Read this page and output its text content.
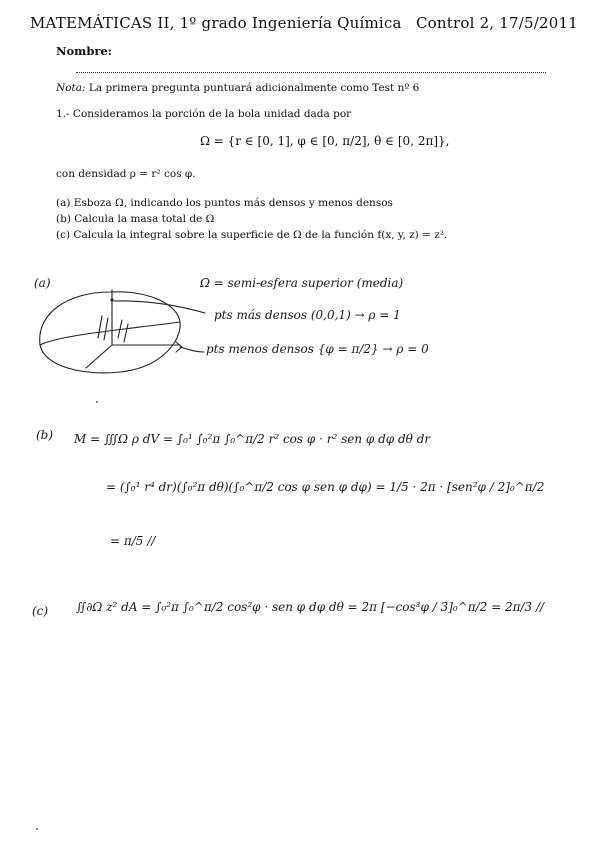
MATEMÁTICAS II, 1º grado Ingeniería Química Control 2, 17/5/2011
Nombre:
Nota: La primera pregunta puntuará adicionalmente como Test nº 6
1.- Consideramos la porción de la bola unidad dada por
Ω = {r ∈ [0, 1], φ ∈ [0, π/2], θ ∈ [0, 2π]},
con densidad ρ = r² cos φ.
(a) Esboza Ω, indicando los puntos más densos y menos densos
(b) Calcula la masa total de Ω
(c) Calcula la integral sobre la superficie de Ω de la función f(x, y, z) = z².
(a)	Ω = semi-esfera superior (media)
pts más densos (0,0,1) → ρ = 1
pts menos densos {φ = π/2} → ρ = 0
(b) M = ∭Ω ρ dV = ∫₀¹ ∫₀²π ∫₀^π/2 r² cos φ · r² sen φ dφ dθ dr
= (∫₀¹ r⁴ dr)(∫₀²π dθ)(∫₀^π/2 cos φ sen φ dφ) = 1/5 · 2π · [sen²φ / 2]₀^π/2
= π/5 //
(c) ∬∂Ω z² dA = ∫₀²π ∫₀^π/2 cos²φ · sen φ dφ dθ = 2π [−cos³φ / 3]₀^π/2 = 2π/3 //
